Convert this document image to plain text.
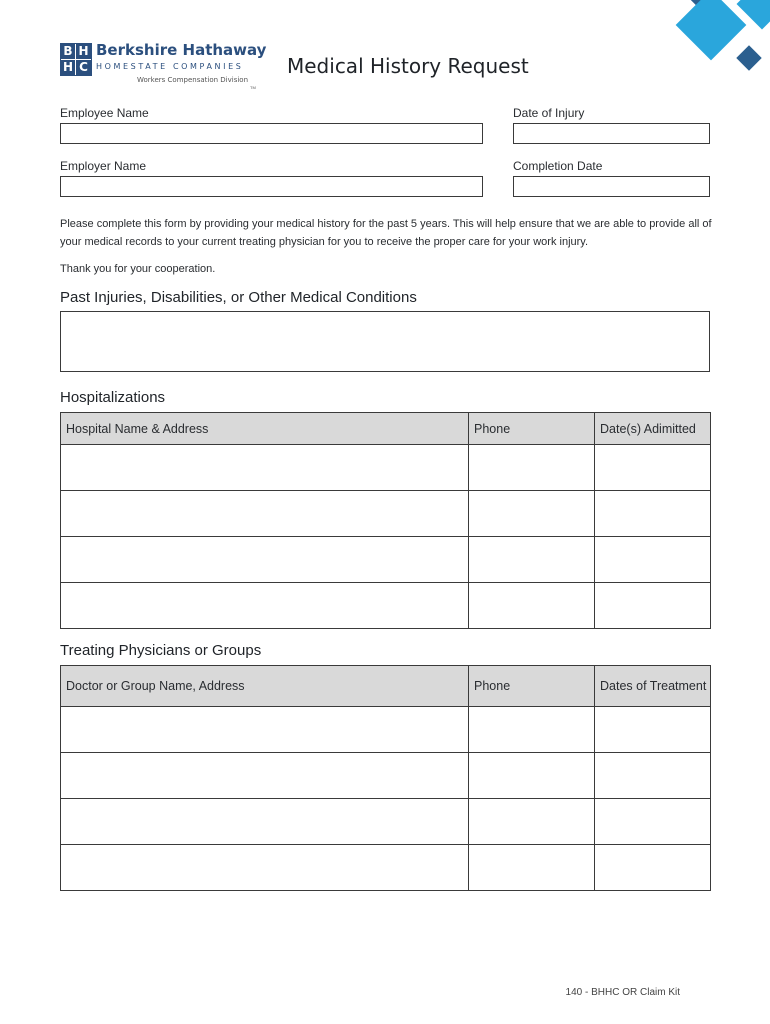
B H
H C
Berkshire Hathaway
HOMESTATE COMPANIES
Workers Compensation Division
TM
Medical History Request
Employee Name	Date of Injury
Employer Name	Completion Date
Please complete this form by providing your medical history for the past 5 years. This will help ensure that we are able to provide all of your medical records to your current treating physician for you to receive the proper care for your work injury.
Thank you for your cooperation.
Past Injuries, Disabilities, or Other Medical Conditions
Hospitalizations
Hospital Name & Address	Phone	Date(s) Adimitted

Treating Physicians or Groups
Doctor or Group Name, Address	Phone	Dates of Treatment

140 - BHHC OR Claim Kit
